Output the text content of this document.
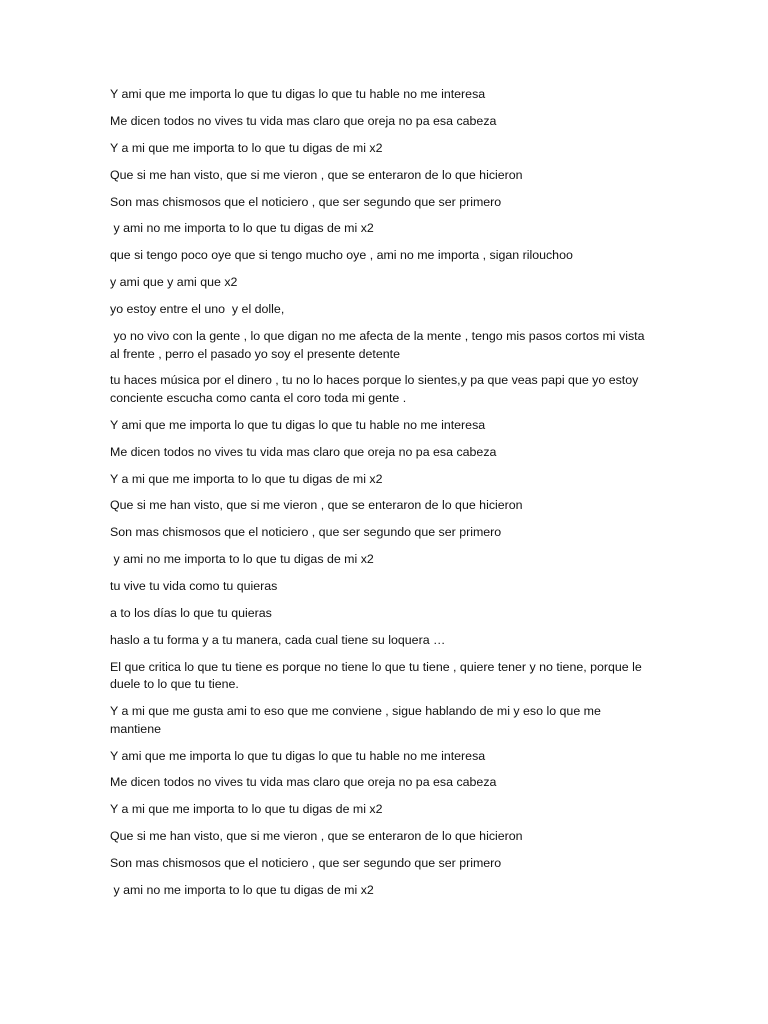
Y ami que me importa lo que tu digas lo que tu hable no me interesa

Me dicen todos no vives tu vida mas claro que oreja no pa esa cabeza

Y a mi que me importa to lo que tu digas de mi x2

Que si me han visto, que si me vieron , que se enteraron de lo que hicieron

Son mas chismosos que el noticiero , que ser segundo que ser primero

y ami no me importa to lo que tu digas de mi x2

que si tengo poco oye que si tengo mucho oye , ami no me importa , sigan rilouchoo

y ami que y ami que x2

yo estoy entre el uno  y el dolle,

yo no vivo con la gente , lo que digan no me afecta de la mente , tengo mis pasos cortos mi vista al frente , perro el pasado yo soy el presente detente

tu haces música por el dinero , tu no lo haces porque lo sientes,y pa que veas papi que yo estoy conciente escucha como canta el coro toda mi gente .

Y ami que me importa lo que tu digas lo que tu hable no me interesa

Me dicen todos no vives tu vida mas claro que oreja no pa esa cabeza

Y a mi que me importa to lo que tu digas de mi x2

Que si me han visto, que si me vieron , que se enteraron de lo que hicieron

Son mas chismosos que el noticiero , que ser segundo que ser primero

y ami no me importa to lo que tu digas de mi x2

tu vive tu vida como tu quieras

a to los días lo que tu quieras

haslo a tu forma y a tu manera, cada cual tiene su loquera …

El que critica lo que tu tiene es porque no tiene lo que tu tiene , quiere tener y no tiene, porque le duele to lo que tu tiene.

Y a mi que me gusta ami to eso que me conviene , sigue hablando de mi y eso lo que me mantiene

Y ami que me importa lo que tu digas lo que tu hable no me interesa

Me dicen todos no vives tu vida mas claro que oreja no pa esa cabeza

Y a mi que me importa to lo que tu digas de mi x2

Que si me han visto, que si me vieron , que se enteraron de lo que hicieron

Son mas chismosos que el noticiero , que ser segundo que ser primero

y ami no me importa to lo que tu digas de mi x2
